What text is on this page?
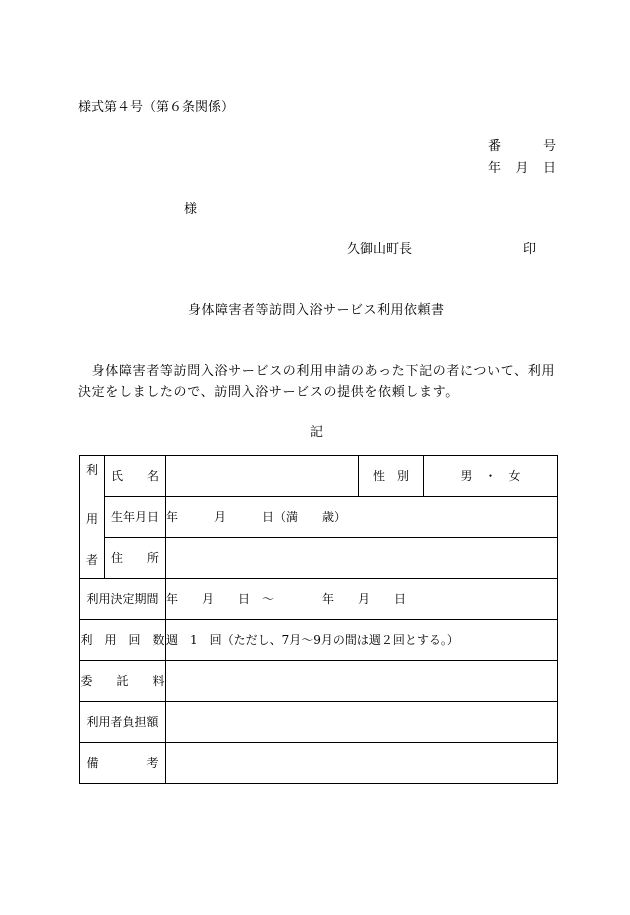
様式第４号（第６条関係）
番　　　号
年　月　日
様
久御山町長	印
身体障害者等訪問入浴サービス利用依頼書
身体障害者等訪問入浴サービスの利用申請のあった下記の者について、利用
決定をしましたので、訪問入浴サービスの提供を依頼します。
記
利
用
者	氏　　名		性　別	男　・　女
	生年月日	年　　　月　　　日（満　　歳）		
	住　　所			
利用決定期間		年　　月　　日　～　　　　年　　月　　日		
利　用　回　数		週　1　回（ただし、7月～9月の間は週２回とする。）		
委　　託　　料				
利用者負担額				
備　　　　考				
